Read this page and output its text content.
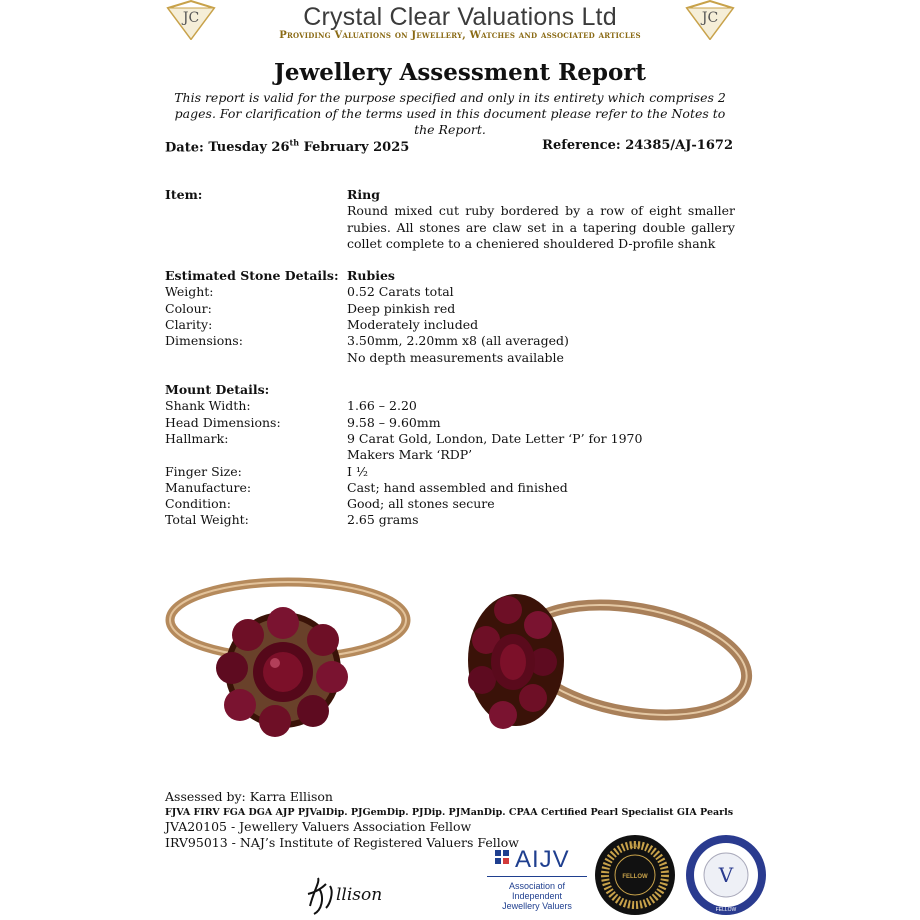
JC	JC
Crystal Clear Valuations Ltd
Providing Valuations on Jewellery, Watches and associated articles
Jewellery Assessment Report
This report is valid for the purpose specified and only in its entirety which comprises 2 pages. For clarification of the terms used in this document please refer to the Notes to the Report.
Date: Tuesday 26th February 2025	Reference: 24385/AJ-1672
Item:	Ring
Round mixed cut ruby bordered by a row of eight smaller rubies. All stones are claw set in a tapering double gallery collet complete to a cheniered shouldered D-profile shank
Estimated Stone Details: Rubies
Weight:	0.52 Carats total
Colour:	Deep pinkish red
Clarity:	Moderately included
Dimensions:	3.50mm, 2.20mm x8 (all averaged)
No depth measurements available
Mount Details:
Shank Width:	1.66 – 2.20
Head Dimensions:	9.58 – 9.60mm
Hallmark:	9 Carat Gold, London, Date Letter ‘P’ for 1970
Makers Mark ‘RDP’
Finger Size:	I ½
Manufacture:	Cast; hand assembled and finished
Condition:	Good; all stones secure
Total Weight:	2.65 grams
Assessed by: Karra Ellison
FJVA FIRV FGA DGA AJP PJValDip. PJGemDip. PJDip. PJManDip. CPAA Certified Pearl Specialist GIA Pearls
JVA20105 - Jewellery Valuers Association Fellow
IRV95013 - NAJ’s Institute of Registered Valuers Fellow
llison
AIJV
Association of
Independent
Jewellery Valuers
NAJ
FELLOW	V
FELLOW
